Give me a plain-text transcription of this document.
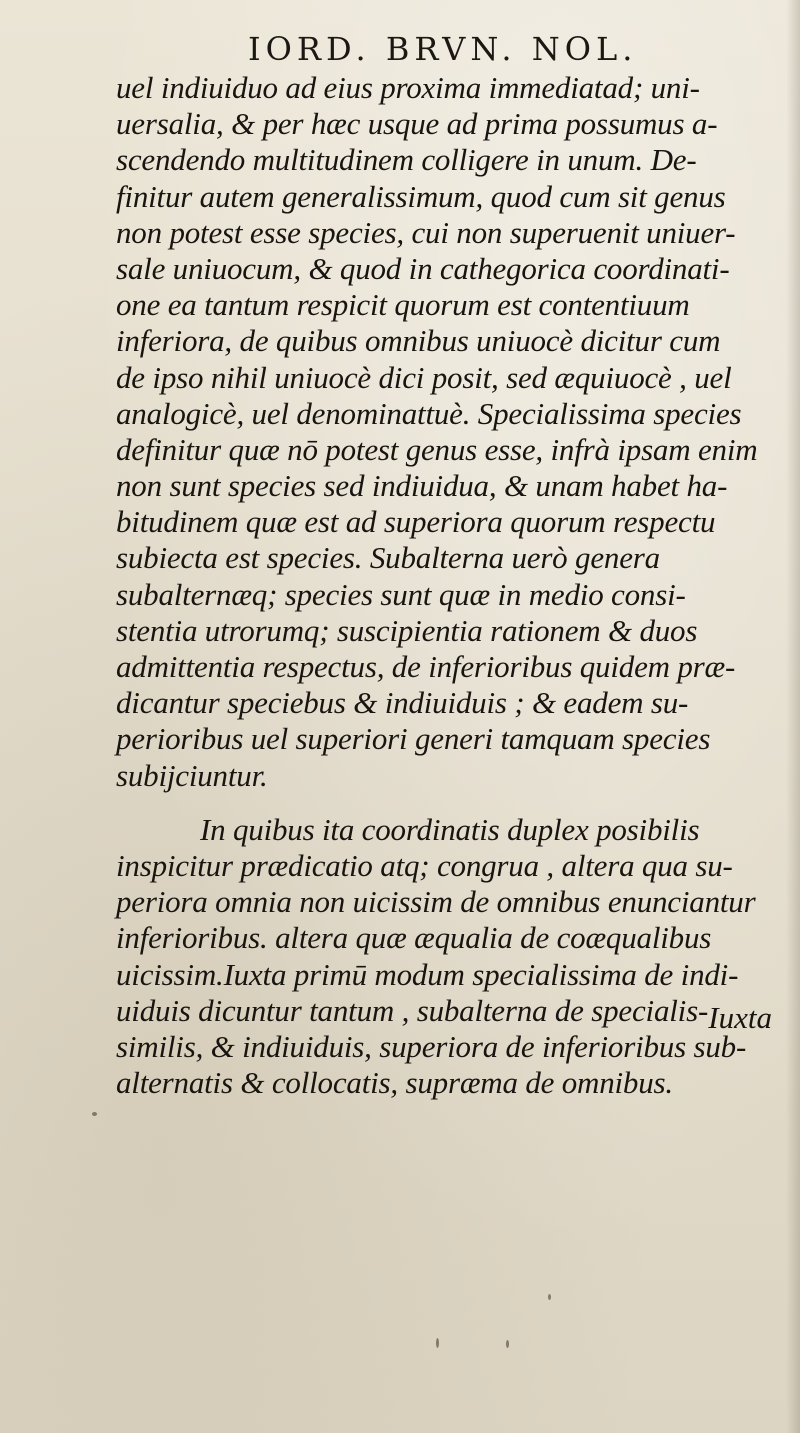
IORD. BRVN. NOL.
uel indiuiduo ad eius proxima immediatad; uni-
uersalia, & per hæc usque ad prima possumus a-
scendendo multitudinem colligere in unum. De-
finitur autem generalissimum, quod cum sit genus
non potest esse species, cui non superuenit uniuer-
sale uniuocum, & quod in cathegorica coordinati-
one ea tantum respicit quorum est contentiuum
inferiora, de quibus omnibus uniuocè dicitur cum
de ipso nihil uniuocè dici posit, sed æquiuocè , uel
analogicè, uel denominattuè. Specialissima species
definitur quæ nō potest genus esse, infrà ipsam enim
non sunt species sed indiuidua, & unam habet ha-
bitudinem quæ est ad superiora quorum respectu
subiecta est species. Subalterna uerò genera
subalternæq; species sunt quæ in medio consi-
stentia utrorumq; suscipientia rationem & duos
admittentia respectus, de inferioribus quidem præ-
dicantur speciebus & indiuiduis ; & eadem su-
perioribus uel superiori generi tamquam species
subijciuntur.
In quibus ita coordinatis duplex posibilis
inspicitur prædicatio atq; congrua , altera qua su-
periora omnia non uicissim de omnibus enunciantur
inferioribus. altera quæ æqualia de coæqualibus
uicissim.Iuxta primū modum specialissima de indi-
uiduis dicuntur tantum , subalterna de specialis-
similis, & indiuiduis, superiora de inferioribus sub-
alternatis & collocatis, supræma de omnibus.
Iuxta
